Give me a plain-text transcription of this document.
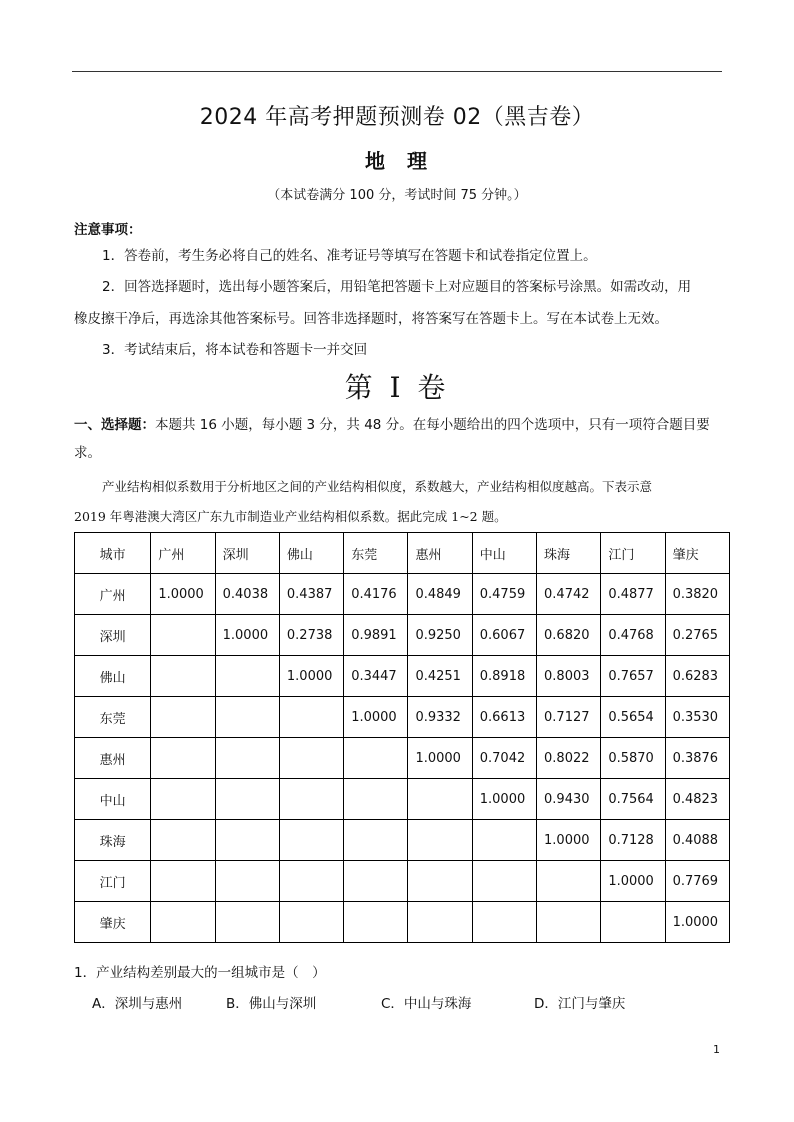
2024 年高考押题预测卷 02（黑吉卷）
地理
（本试卷满分 100 分，考试时间 75 分钟。）
注意事项：
1．答卷前，考生务必将自己的姓名、准考证号等填写在答题卡和试卷指定位置上。
2．回答选择题时，选出每小题答案后，用铅笔把答题卡上对应题目的答案标号涂黑。如需改动，用
橡皮擦干净后，再选涂其他答案标号。回答非选择题时，将答案写在答题卡上。写在本试卷上无效。
3．考试结束后，将本试卷和答题卡一并交回
第 I 卷
一、选择题：本题共 16 小题，每小题 3 分，共 48 分。在每小题给出的四个选项中，只有一项符合题目要求。
产业结构相似系数用于分析地区之间的产业结构相似度，系数越大，产业结构相似度越高。下表示意
2019 年粤港澳大湾区广东九市制造业产业结构相似系数。据此完成 1~2 题。
城市	广州	深圳	佛山	东莞	惠州	中山	珠海	江门	肇庆
广州	1.0000	0.4038	0.4387	0.4176	0.4849	0.4759	0.4742	0.4877	0.3820
深圳		1.0000	0.2738	0.9891	0.9250	0.6067	0.6820	0.4768	0.2765
佛山			1.0000	0.3447	0.4251	0.8918	0.8003	0.7657	0.6283
东莞				1.0000	0.9332	0.6613	0.7127	0.5654	0.3530
惠州					1.0000	0.7042	0.8022	0.5870	0.3876
中山						1.0000	0.9430	0.7564	0.4823
珠海							1.0000	0.7128	0.4088
江门								1.0000	0.7769
肇庆									1.0000
1．产业结构差别最大的一组城市是（　）
A．深圳与惠州	B．佛山与深圳	C．中山与珠海	D．江门与肇庆
1
